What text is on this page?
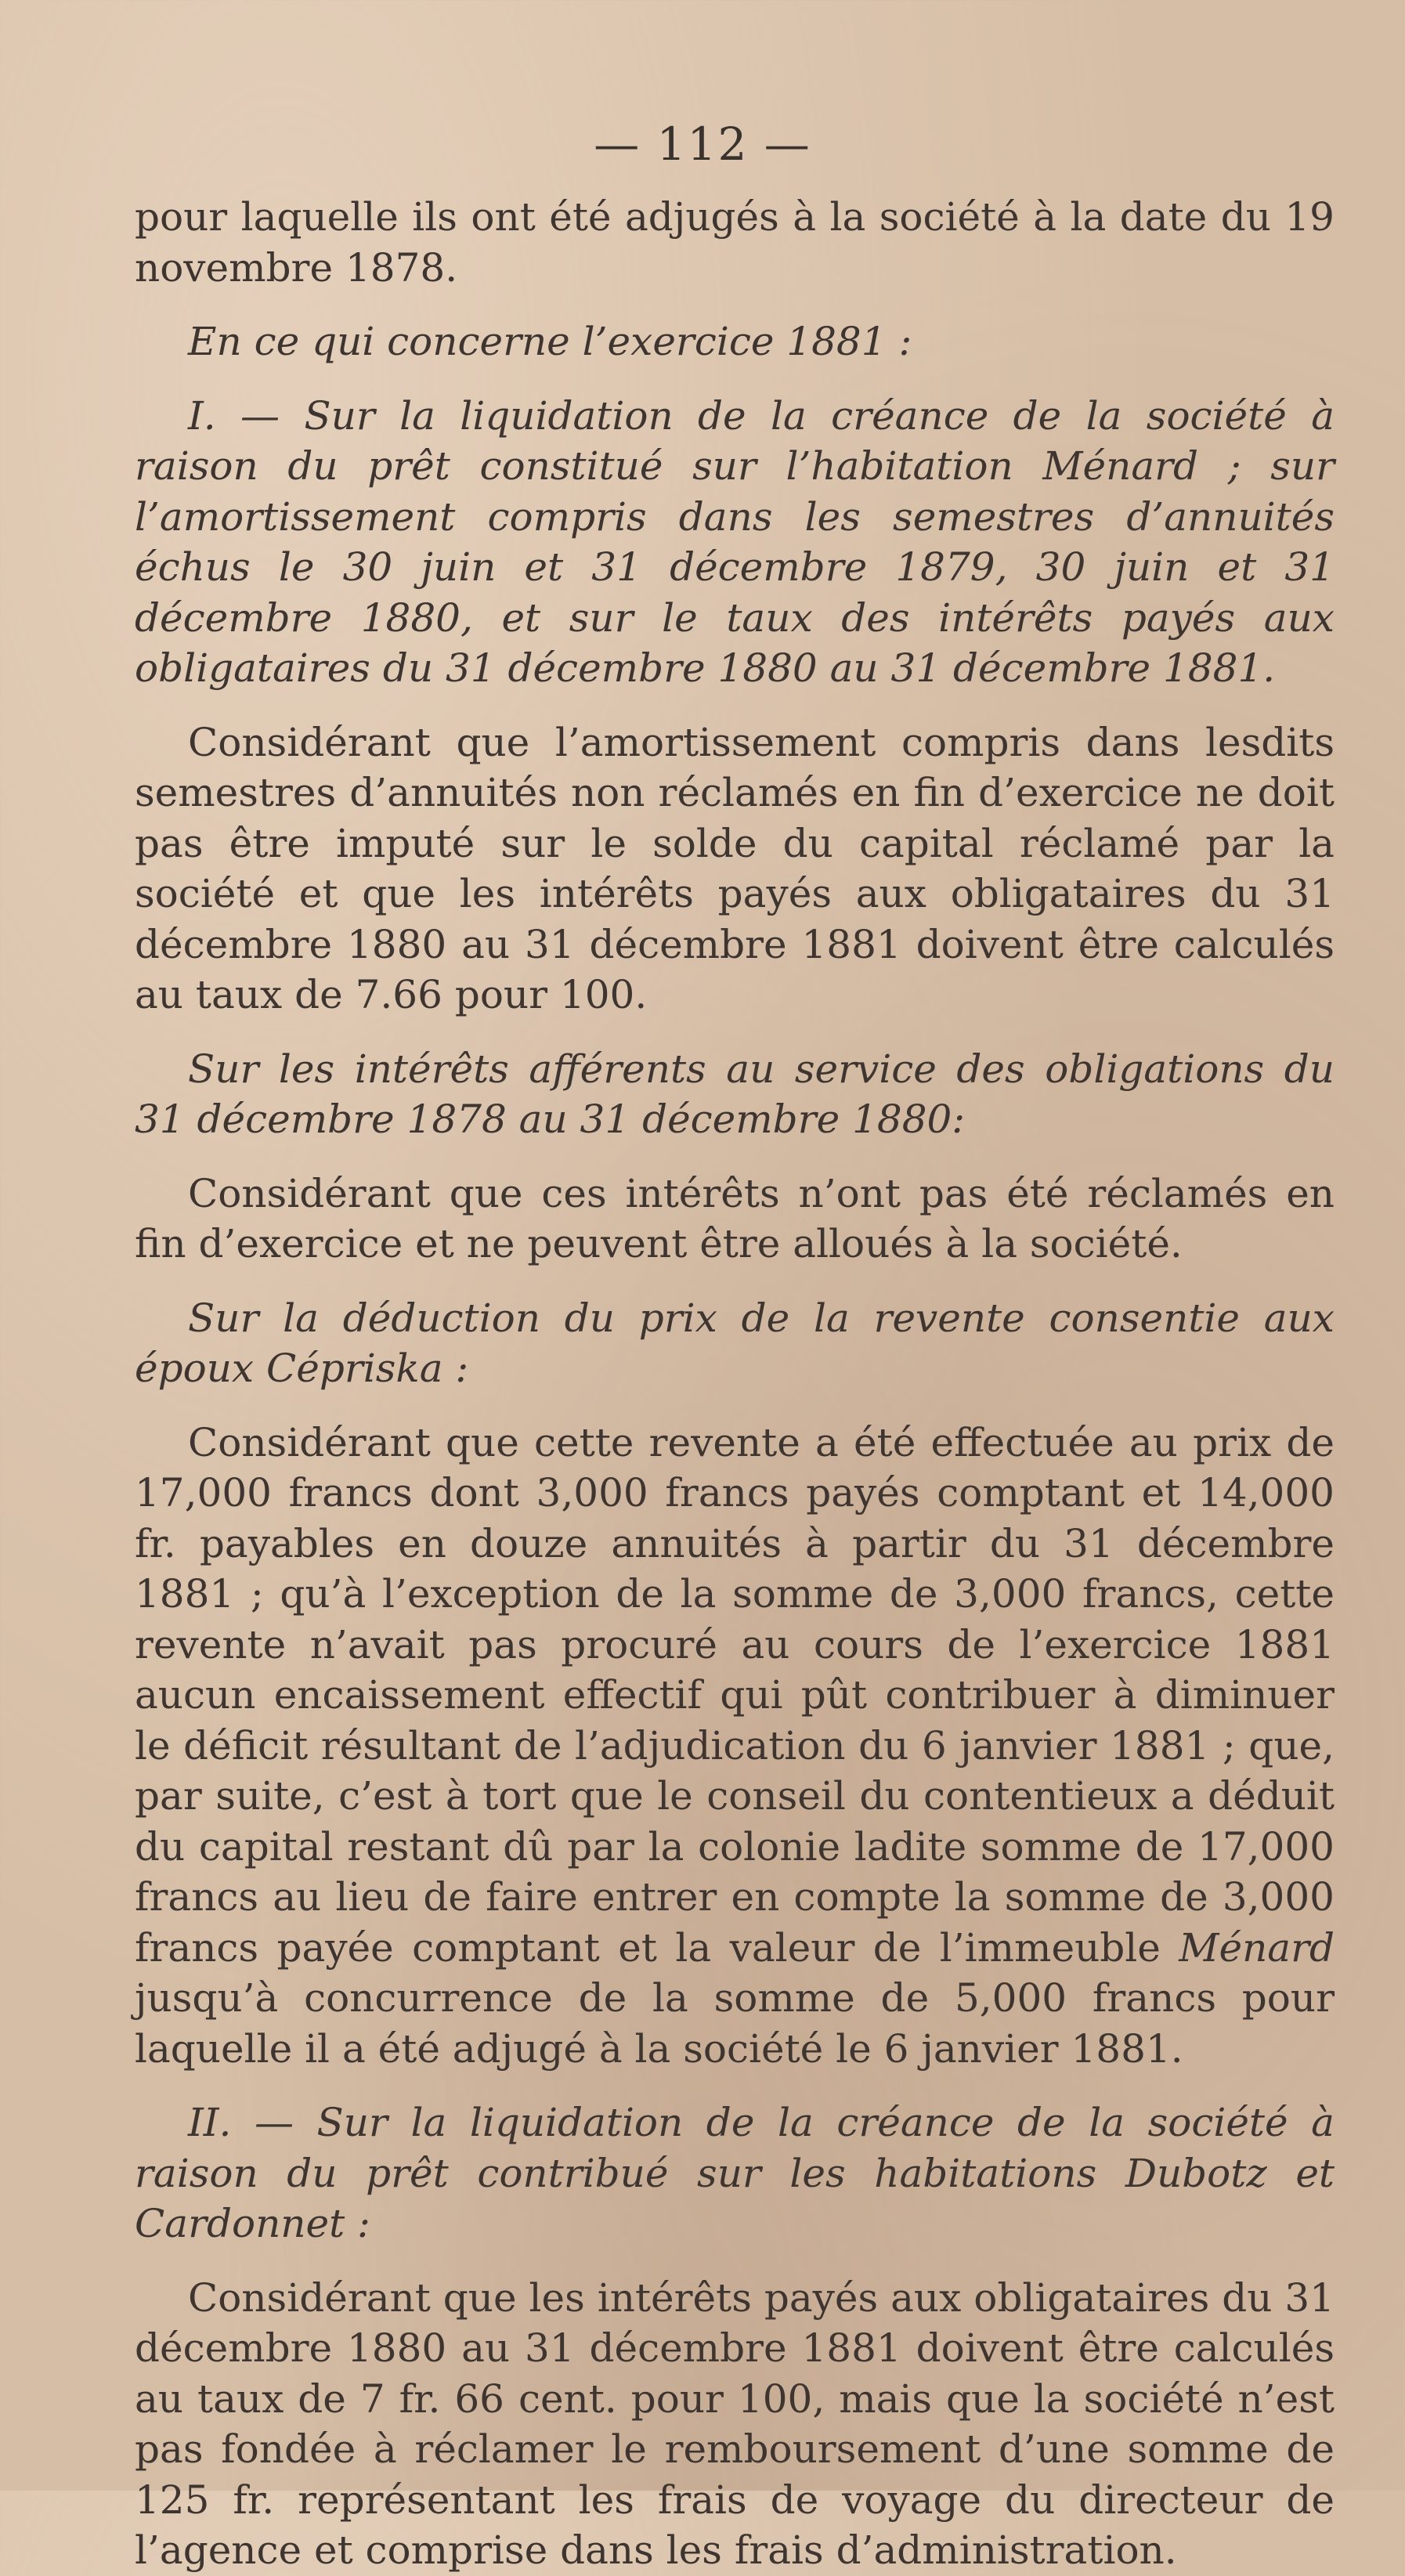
— 112 —

pour laquelle ils ont été adjugés à la société à la date du 19 novembre 1878.

En ce qui concerne l’exercice 1881 :

I. — Sur la liquidation de la créance de la société à raison du prêt constitué sur l’habitation Ménard ; sur l’amortissement compris dans les semestres d’annuités échus le 30 juin et 31 décembre 1879, 30 juin et 31 décembre 1880, et sur le taux des intérêts payés aux obligataires du 31 décembre 1880 au 31 décembre 1881.

Considérant que l’amortissement compris dans lesdits semestres d’annuités non réclamés en fin d’exercice ne doit pas être imputé sur le solde du capital réclamé par la société et que les intérêts payés aux obligataires du 31 décembre 1880 au 31 décembre 1881 doivent être calculés au taux de 7.66 pour 100.

Sur les intérêts afférents au service des obligations du 31 décembre 1878 au 31 décembre 1880:

Considérant que ces intérêts n’ont pas été réclamés en fin d’exercice et ne peuvent être alloués à la société.

Sur la déduction du prix de la revente consentie aux époux Cépriska :

Considérant que cette revente a été effectuée au prix de 17,000 francs dont 3,000 francs payés comptant et 14,000 fr. payables en douze annuités à partir du 31 décembre 1881 ; qu’à l’exception de la somme de 3,000 francs, cette revente n’avait pas procuré au cours de l’exercice 1881 aucun encaissement effectif qui pût contribuer à diminuer le déficit résultant de l’adjudication du 6 janvier 1881 ; que, par suite, c’est à tort que le conseil du contentieux a déduit du capital restant dû par la colonie ladite somme de 17,000 francs au lieu de faire entrer en compte la somme de 3,000 francs payée comptant et la valeur de l’immeuble Ménard jusqu’à concurrence de la somme de 5,000 francs pour laquelle il a été adjugé à la société le 6 janvier 1881.

II. — Sur la liquidation de la créance de la société à raison du prêt contribué sur les habitations Dubotz et Cardonnet :

Considérant que les intérêts payés aux obligataires du 31 décembre 1880 au 31 décembre 1881 doivent être calculés au taux de 7 fr. 66 cent. pour 100, mais que la société n’est pas fondée à réclamer le remboursement d’une somme de 125 fr. représentant les frais de voyage du directeur de l’agence et comprise dans les frais d’administration.
